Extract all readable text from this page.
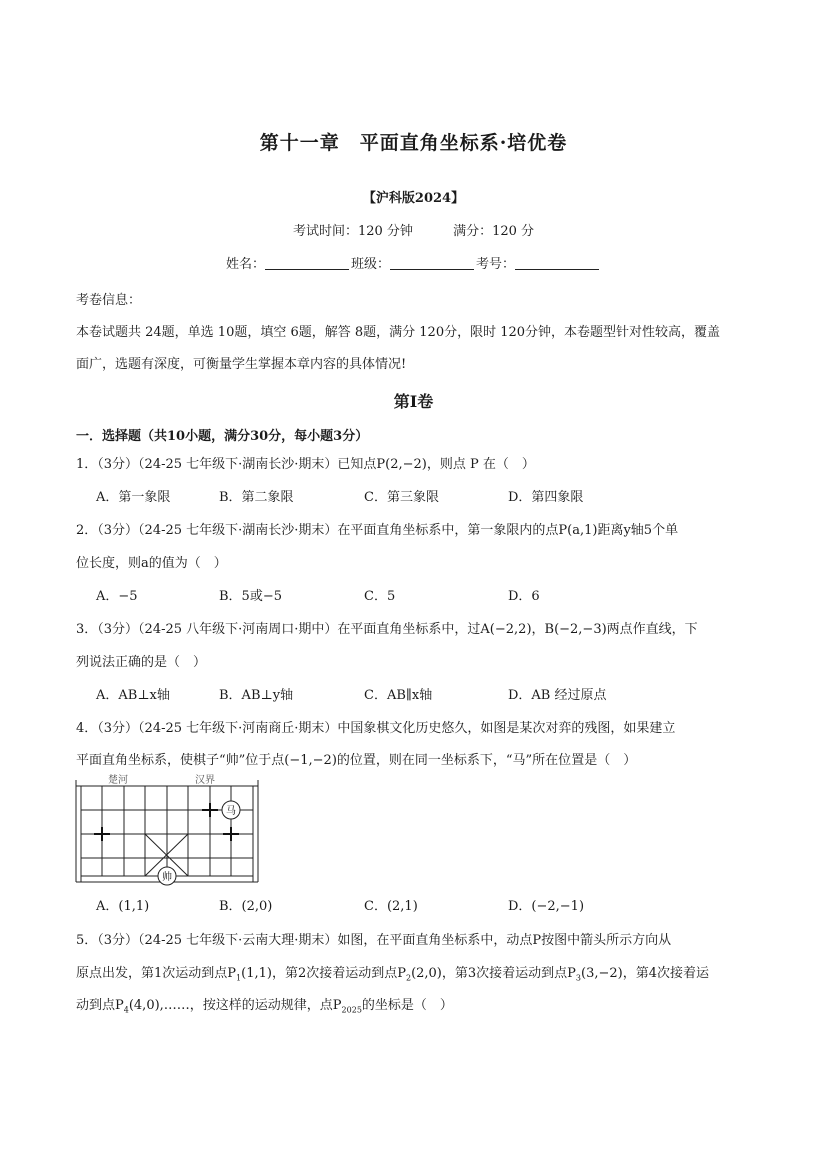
第十一章　平面直角坐标系·培优卷
【沪科版2024】
考试时间：120 分钟	满分：120 分
姓名：	班级：	考号：
考卷信息：
本卷试题共 24题，单选 10题，填空 6题，解答 8题，满分 120分，限时 120分钟，本卷题型针对性较高，覆盖
面广，选题有深度，可衡量学生掌握本章内容的具体情况!
第Ⅰ卷
一．选择题（共10小题，满分30分，每小题3分）
1．（3分）（24-25 七年级下·湖南长沙·期末）已知点P(2,−2)，则点 P 在（　）
A．第一象限	B．第二象限	C．第三象限	D．第四象限
2．（3分）（24-25 七年级下·湖南长沙·期末）在平面直角坐标系中，第一象限内的点P(a,1)距离y轴5个单
位长度，则a的值为（　）
A．−5	B．5或−5	C．5	D．6
3．（3分）（24-25 八年级下·河南周口·期中）在平面直角坐标系中，过A(−2,2)，B(−2,−3)两点作直线，下
列说法正确的是（　）
A．AB⊥x轴	B．AB⊥y轴	C．AB∥x轴	D．AB 经过原点
4．（3分）（24-25 七年级下·河南商丘·期末）中国象棋文化历史悠久，如图是某次对弈的残图，如果建立
平面直角坐标系，使棋子“帅”位于点(−1,−2)的位置，则在同一坐标系下，“马”所在位置是（　）
楚河	汉界
马
帅
A．(1,1)	B．(2,0)	C．(2,1)	D．(−2,−1)
5．（3分）（24-25 七年级下·云南大理·期末）如图，在平面直角坐标系中，动点P按图中箭头所示方向从
原点出发，第1次运动到点$P_1(1,1)$，第2次接着运动到点$P_2(2,0)$，第3次接着运动到点$P_3(3,-2)$，第4次接着运
动到点$P_4(4,0),\dots\dots$，按这样的运动规律，点$P_{2025}$的坐标是（　）
